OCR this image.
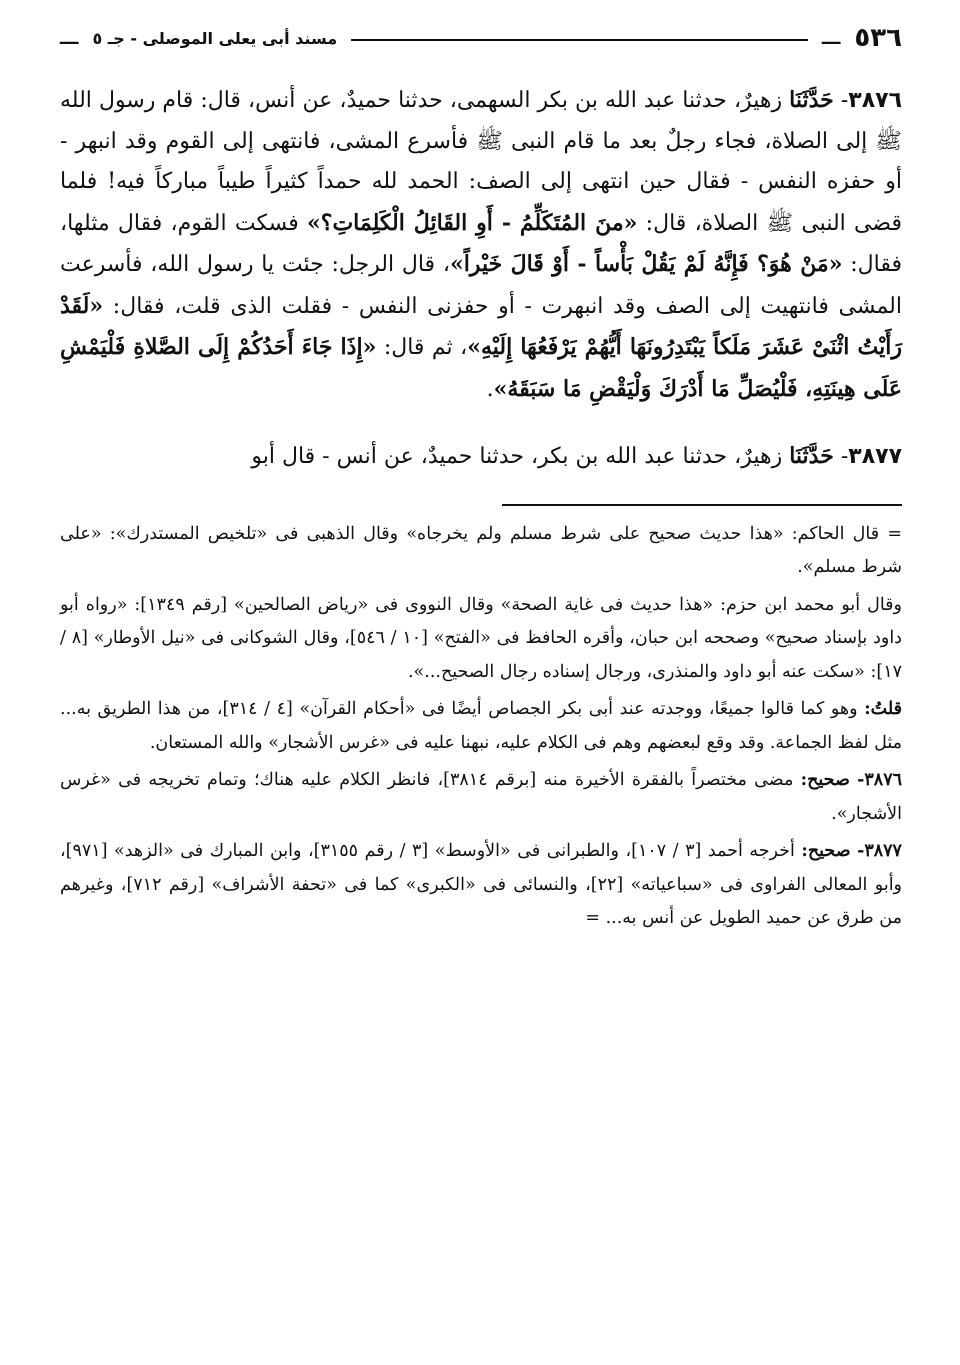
٥٣٦
ـــ
مسند أبى يعلى الموصلى - جـ ٥
ـــ

٣٨٧٦- حَدَّثَنَا زهيرٌ، حدثنا عبد الله بن بكر السهمى، حدثنا حميدٌ، عن أنس، قال: قام رسول الله ﷺ إلى الصلاة، فجاء رجلٌ بعد ما قام النبى ﷺ فأسرع المشى، فانتهى إلى القوم وقد انبهر - أو حفزه النفس - فقال حين انتهى إلى الصف: الحمد لله حمداً كثيراً طيباً مباركاً فيه! فلما قضى النبى ﷺ الصلاة، قال: «منَ المُتَكَلِّمُ - أَوِ القَائِلُ الْكَلِمَاتِ؟» فسكت القوم، فقال مثلها، فقال: «مَنْ هُوَ؟ فَإِنَّهُ لَمْ يَقُلْ بَأْساً - أَوْ قَالَ خَيْراً»، قال الرجل: جئت يا رسول الله، فأسرعت المشى فانتهيت إلى الصف وقد انبهرت - أو حفزنى النفس - فقلت الذى قلت، فقال: «لَقَدْ رَأَيْتُ اثْنَىْ عَشَرَ مَلَكاً يَبْتَدِرُونَهَا أَيُّهُمْ يَرْفَعُهَا إِلَيْهِ»، ثم قال: «إِذَا جَاءَ أَحَدُكُمْ إِلَى الصَّلاةِ فَلْيَمْشِ عَلَى هِينَتِهِ، فَلْيُصَلِّ مَا أَدْرَكَ وَلْيَقْضِ مَا سَبَقَهُ».

٣٨٧٧- حَدَّثَنَا زهيرٌ، حدثنا عبد الله بن بكر، حدثنا حميدٌ، عن أنس - قال أبو

= قال الحاكم: «هذا حديث صحيح على شرط مسلم ولم يخرجاه» وقال الذهبى فى «تلخيص المستدرك»: «على شرط مسلم».

وقال أبو محمد ابن حزم: «هذا حديث فى غاية الصحة» وقال النووى فى «رياض الصالحين» [رقم ١٣٤٩]: «رواه أبو داود بإسناد صحيح» وصححه ابن حبان، وأقره الحافظ فى «الفتح» [١٠ / ٥٤٦]، وقال الشوكانى فى «نيل الأوطار» [٨ / ١٧]: «سكت عنه أبو داود والمنذرى، ورجال إسناده رجال الصحيح...».

قلتُ: وهو كما قالوا جميعًا، ووجدته عند أبى بكر الجصاص أيضًا فى «أحكام القرآن» [٤ / ٣١٤]، من هذا الطريق به... مثل لفظ الجماعة. وقد وقع لبعضهم وهم فى الكلام عليه، نبهنا عليه فى «غرس الأشجار» والله المستعان.

٣٨٧٦- صحيح: مضى مختصراً بالفقرة الأخيرة منه [برقم ٣٨١٤]، فانظر الكلام عليه هناك؛ وتمام تخريجه فى «غرس الأشجار».

٣٨٧٧- صحيح: أخرجه أحمد [٣ / ١٠٧]، والطبرانى فى «الأوسط» [٣ / رقم ٣١٥٥]، وابن المبارك فى «الزهد» [٩٧١]، وأبو المعالى الفراوى فى «سباعياته» [٢٢]، والنسائى فى «الكبرى» كما فى «تحفة الأشراف» [رقم ٧١٢]، وغيرهم من طرق عن حميد الطويل عن أنس به... =
